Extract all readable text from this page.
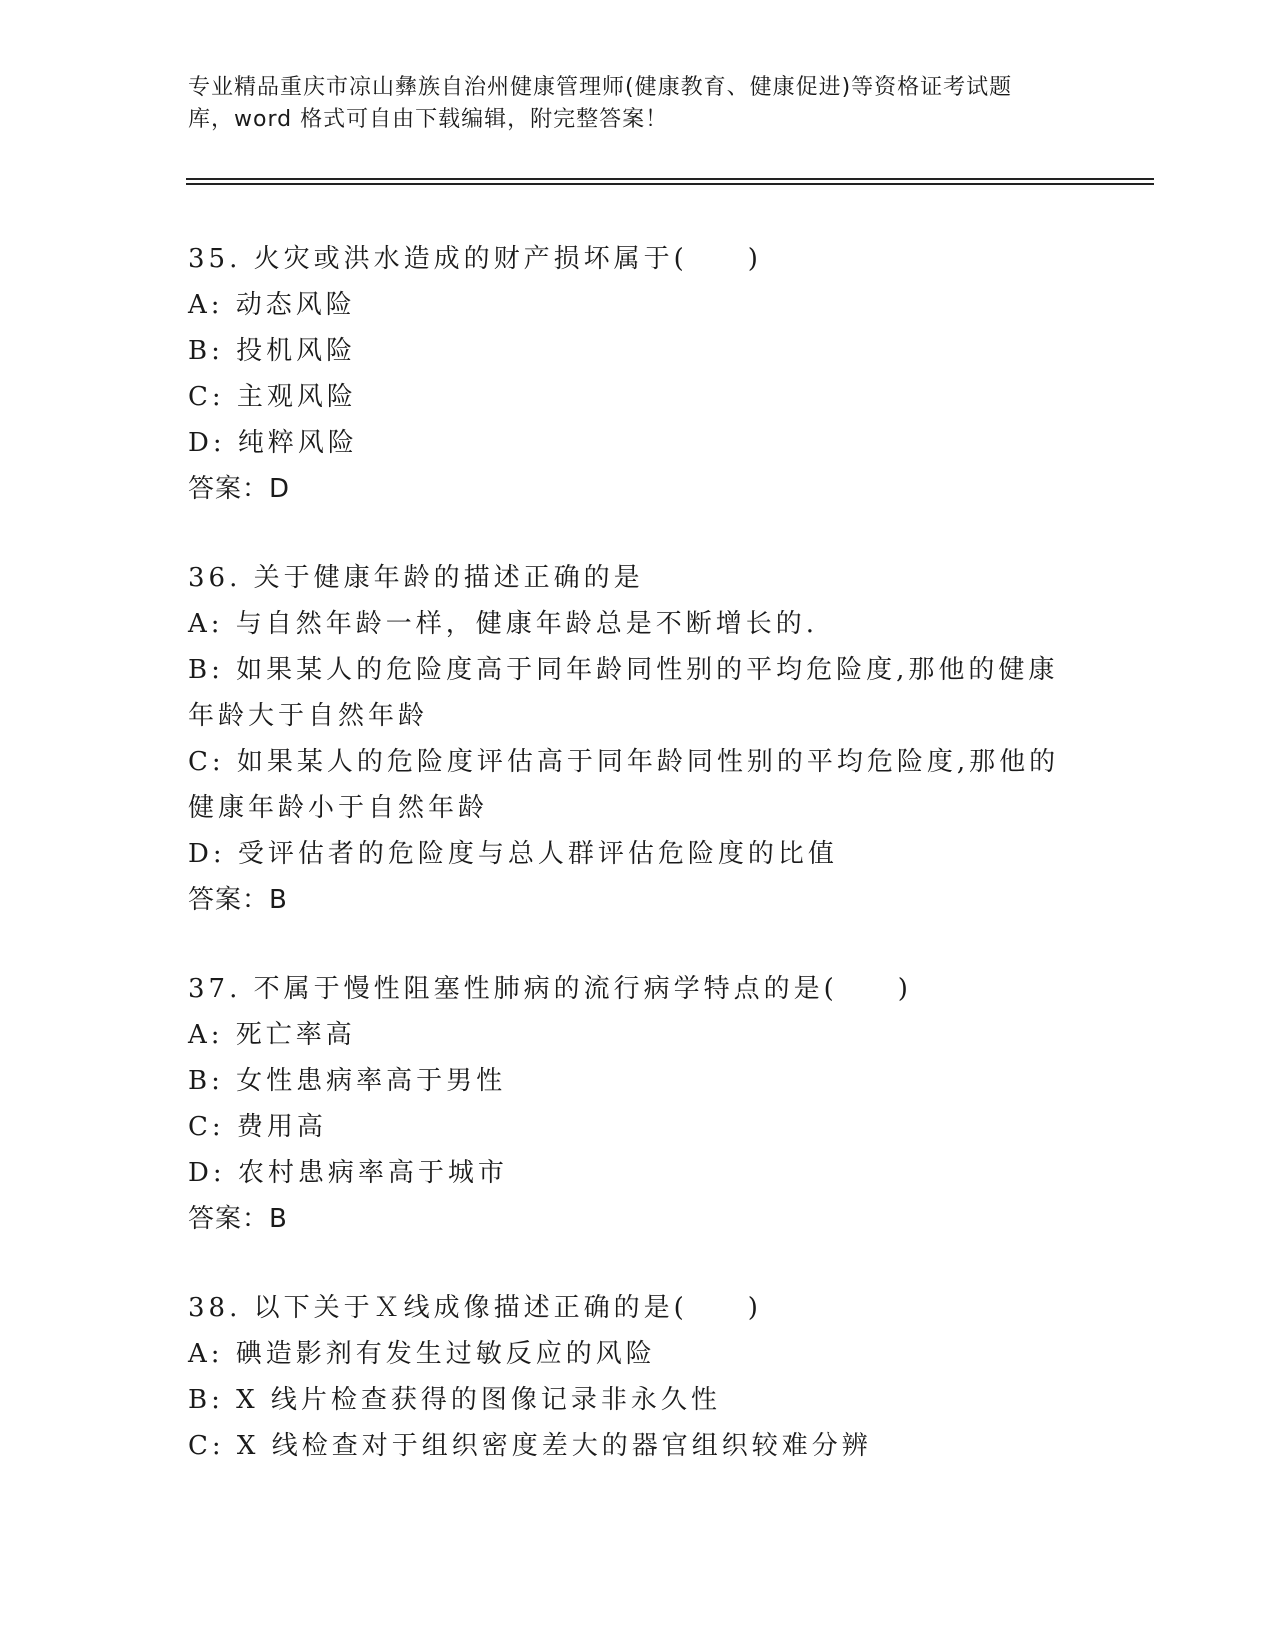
专业精品重庆市凉山彝族自治州健康管理师(健康教育、健康促进)等资格证考试题
库，word 格式可自由下载编辑，附完整答案！
35. 火灾或洪水造成的财产损坏属于(　　)
A: 动态风险
B: 投机风险
C: 主观风险
D: 纯粹风险
答案：D
36. 关于健康年龄的描述正确的是
A: 与自然年龄一样，健康年龄总是不断增长的.
B: 如果某人的危险度高于同年龄同性别的平均危险度,那他的健康年龄大于自然年龄
C: 如果某人的危险度评估高于同年龄同性别的平均危险度,那他的健康年龄小于自然年龄
D: 受评估者的危险度与总人群评估危险度的比值
答案：B
37. 不属于慢性阻塞性肺病的流行病学特点的是(　　)
A: 死亡率高
B: 女性患病率高于男性
C: 费用高
D: 农村患病率高于城市
答案：B
38. 以下关于Ｘ线成像描述正确的是(　　)
A: 碘造影剂有发生过敏反应的风险
B: X 线片检查获得的图像记录非永久性
C: X 线检查对于组织密度差大的器官组织较难分辨
